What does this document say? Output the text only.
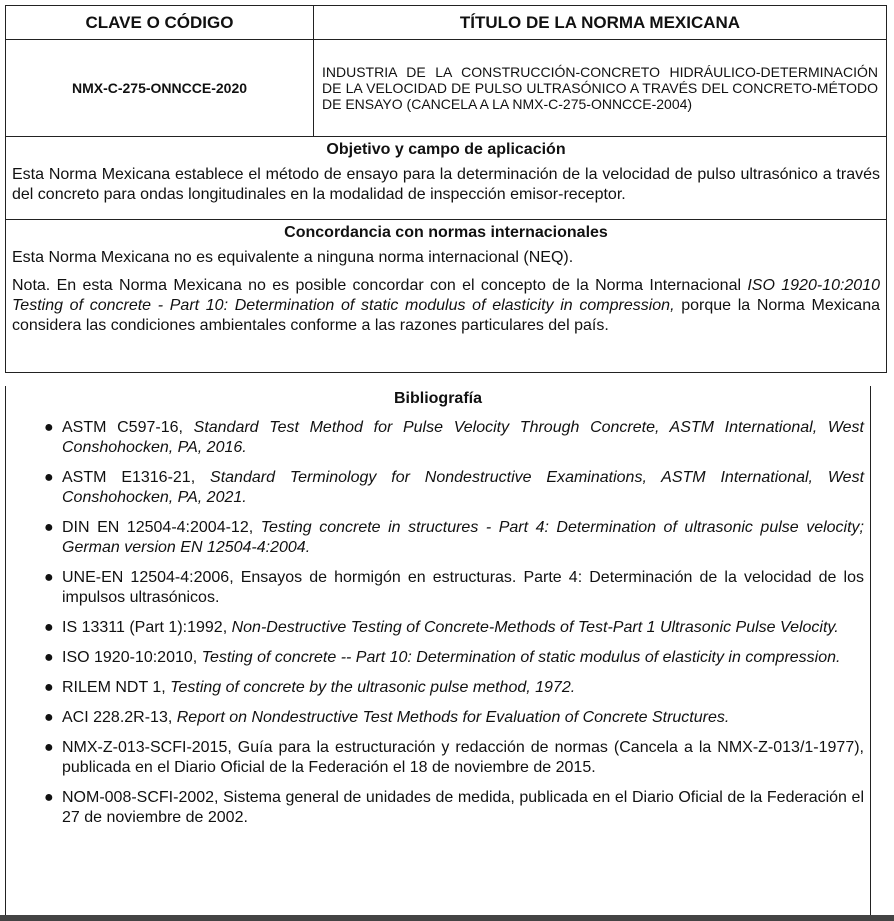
CLAVE O CÓDIGO	TÍTULO DE LA NORMA MEXICANA
NMX-C-275-ONNCCE-2020	INDUSTRIA DE LA CONSTRUCCIÓN-CONCRETO HIDRÁULICO-DETERMINACIÓN DE LA VELOCIDAD DE PULSO ULTRASÓNICO A TRAVÉS DEL CONCRETO-MÉTODO DE ENSAYO (CANCELA A LA NMX-C-275-ONNCCE-2004)

Objetivo y campo de aplicación
Esta Norma Mexicana establece el método de ensayo para la determinación de la velocidad de pulso ultrasónico a través del concreto para ondas longitudinales en la modalidad de inspección emisor-receptor.	

Concordancia con normas internacionales
Esta Norma Mexicana no es equivalente a ninguna norma internacional (NEQ).
Nota. En esta Norma Mexicana no es posible concordar con el concepto de la Norma Internacional ISO 1920-10:2010 Testing of concrete - Part 10: Determination of static modulus of elasticity in compression, porque la Norma Mexicana considera las condiciones ambientales conforme a las razones particulares del país.	
Bibliografía
● ASTM C597-16, Standard Test Method for Pulse Velocity Through Concrete, ASTM International, West Conshohocken, PA, 2016.
● ASTM E1316-21, Standard Terminology for Nondestructive Examinations, ASTM International, West Conshohocken, PA, 2021.
● DIN EN 12504-4:2004-12, Testing concrete in structures - Part 4: Determination of ultrasonic pulse velocity; German version EN 12504-4:2004.
● UNE-EN 12504-4:2006, Ensayos de hormigón en estructuras. Parte 4: Determinación de la velocidad de los impulsos ultrasónicos.
● IS 13311 (Part 1):1992, Non-Destructive Testing of Concrete-Methods of Test-Part 1 Ultrasonic Pulse Velocity.
● ISO 1920-10:2010, Testing of concrete -- Part 10: Determination of static modulus of elasticity in compression.
● RILEM NDT 1, Testing of concrete by the ultrasonic pulse method, 1972.
● ACI 228.2R-13, Report on Nondestructive Test Methods for Evaluation of Concrete Structures.
● NMX-Z-013-SCFI-2015, Guía para la estructuración y redacción de normas (Cancela a la NMX-Z-013/1-1977), publicada en el Diario Oficial de la Federación el 18 de noviembre de 2015.
● NOM-008-SCFI-2002, Sistema general de unidades de medida, publicada en el Diario Oficial de la Federación el 27 de noviembre de 2002.
